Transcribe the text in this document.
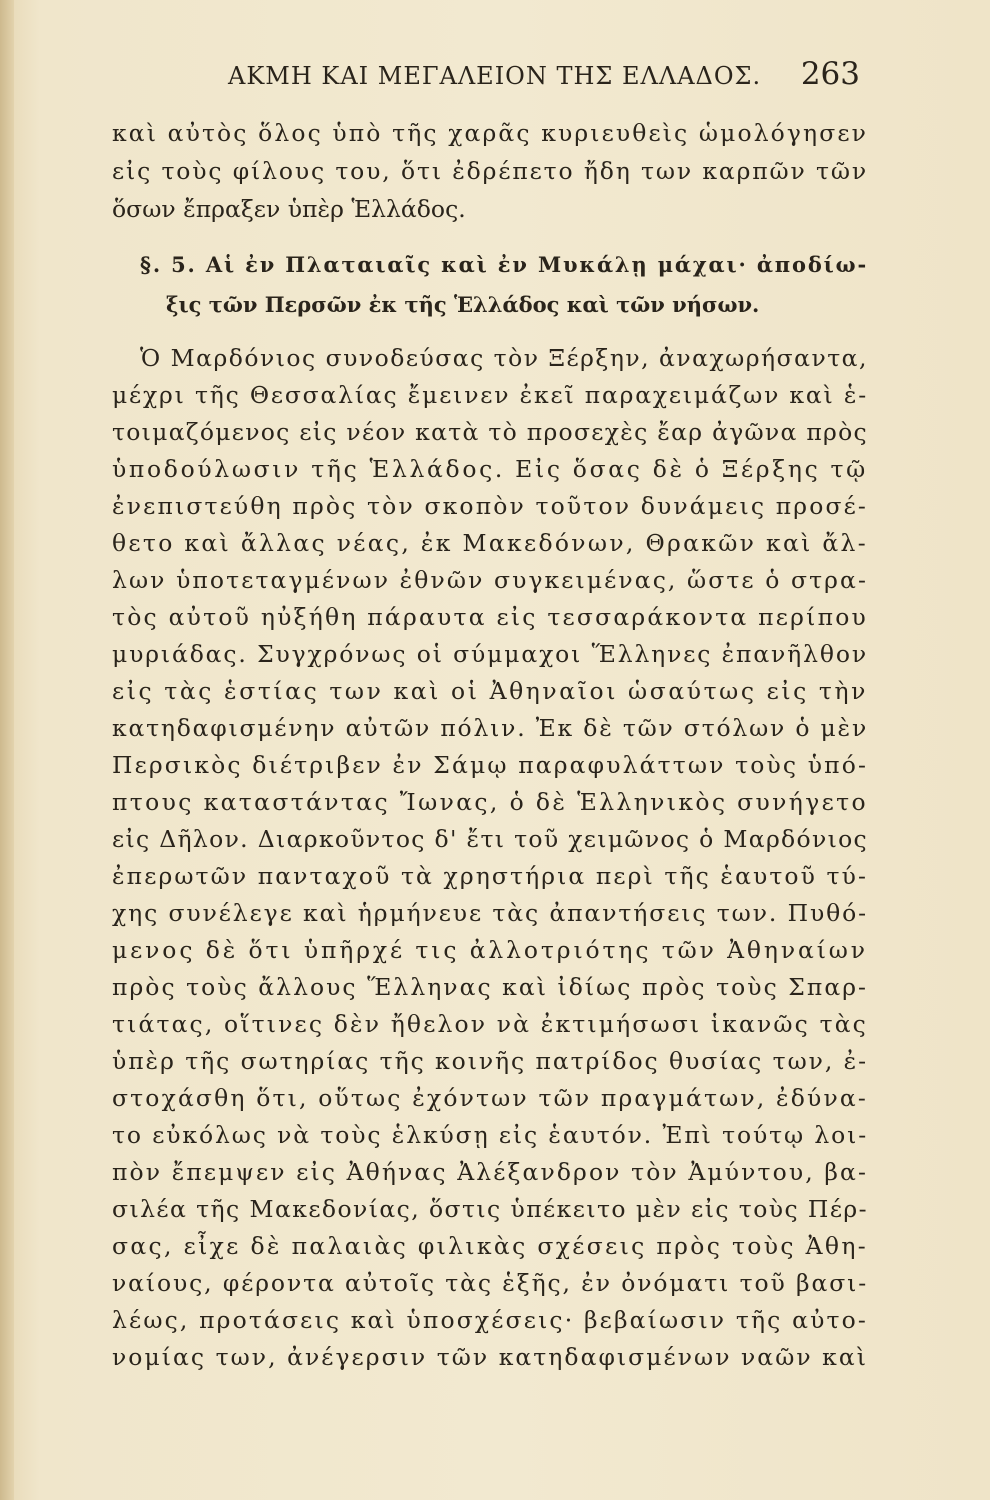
ΑΚΜΗ ΚΑΙ ΜΕΓΑΛΕΙΟΝ ΤΗΣ ΕΛΛΑΔΟΣ. 263
καὶ αὐτὸς ὅλος ὑπὸ τῆς χαρᾶς κυριευθεὶς ὡμολόγησεν
εἰς τοὺς φίλους του, ὅτι ἐδρέπετο ἤδη των καρπῶν τῶν
ὅσων ἔπραξεν ὑπὲρ Ἑλλάδος.
§. 5. Αἱ ἐν Πλαταιαῖς καὶ ἐν Μυκάλῃ μάχαι· ἀποδίω-
ξις τῶν Περσῶν ἐκ τῆς Ἑλλάδος καὶ τῶν νήσων.
Ὁ Μαρδόνιος συνοδεύσας τὸν Ξέρξην, ἀναχωρήσαντα,
μέχρι τῆς Θεσσαλίας ἔμεινεν ἐκεῖ παραχειμάζων καὶ ἑ-
τοιμαζόμενος εἰς νέον κατὰ τὸ προσεχὲς ἔαρ ἀγῶνα πρὸς
ὑποδούλωσιν τῆς Ἑλλάδος. Εἰς ὅσας δὲ ὁ Ξέρξης τῷ
ἐνεπιστεύθη πρὸς τὸν σκοπὸν τοῦτον δυνάμεις προσέ-
θετο καὶ ἄλλας νέας, ἐκ Μακεδόνων, Θρακῶν καὶ ἄλ-
λων ὑποτεταγμένων ἐθνῶν συγκειμένας, ὥστε ὁ στρα-
τὸς αὐτοῦ ηὐξήθη πάραυτα εἰς τεσσαράκοντα περίπου
μυριάδας. Συγχρόνως οἱ σύμμαχοι Ἕλληνες ἐπανῆλθον
εἰς τὰς ἑστίας των καὶ οἱ Ἀθηναῖοι ὡσαύτως εἰς τὴν
κατηδαφισμένην αὐτῶν πόλιν. Ἐκ δὲ τῶν στόλων ὁ μὲν
Περσικὸς διέτριβεν ἐν Σάμῳ παραφυλάττων τοὺς ὑπό-
πτους καταστάντας Ἴωνας, ὁ δὲ Ἑλληνικὸς συνήγετο
εἰς Δῆλον. Διαρκοῦντος δ' ἔτι τοῦ χειμῶνος ὁ Μαρδόνιος
ἐπερωτῶν πανταχοῦ τὰ χρηστήρια περὶ τῆς ἑαυτοῦ τύ-
χης συνέλεγε καὶ ἡρμήνευε τὰς ἀπαντήσεις των. Πυθό-
μενος δὲ ὅτι ὑπῆρχέ τις ἀλλοτριότης τῶν Ἀθηναίων
πρὸς τοὺς ἄλλους Ἕλληνας καὶ ἰδίως πρὸς τοὺς Σπαρ-
τιάτας, οἵτινες δὲν ἤθελον νὰ ἐκτιμήσωσι ἱκανῶς τὰς
ὑπὲρ τῆς σωτηρίας τῆς κοινῆς πατρίδος θυσίας των, ἐ-
στοχάσθη ὅτι, οὕτως ἐχόντων τῶν πραγμάτων, ἐδύνα-
το εὐκόλως νὰ τοὺς ἑλκύσῃ εἰς ἑαυτόν. Ἐπὶ τούτῳ λοι-
πὸν ἔπεμψεν εἰς Ἀθήνας Ἀλέξανδρον τὸν Ἀμύντου, βα-
σιλέα τῆς Μακεδονίας, ὅστις ὑπέκειτο μὲν εἰς τοὺς Πέρ-
σας, εἶχε δὲ παλαιὰς φιλικὰς σχέσεις πρὸς τοὺς Ἀθη-
ναίους, φέροντα αὐτοῖς τὰς ἑξῆς, ἐν ὀνόματι τοῦ βασι-
λέως, προτάσεις καὶ ὑποσχέσεις· βεβαίωσιν τῆς αὐτο-
νομίας των, ἀνέγερσιν τῶν κατηδαφισμένων ναῶν καὶ
